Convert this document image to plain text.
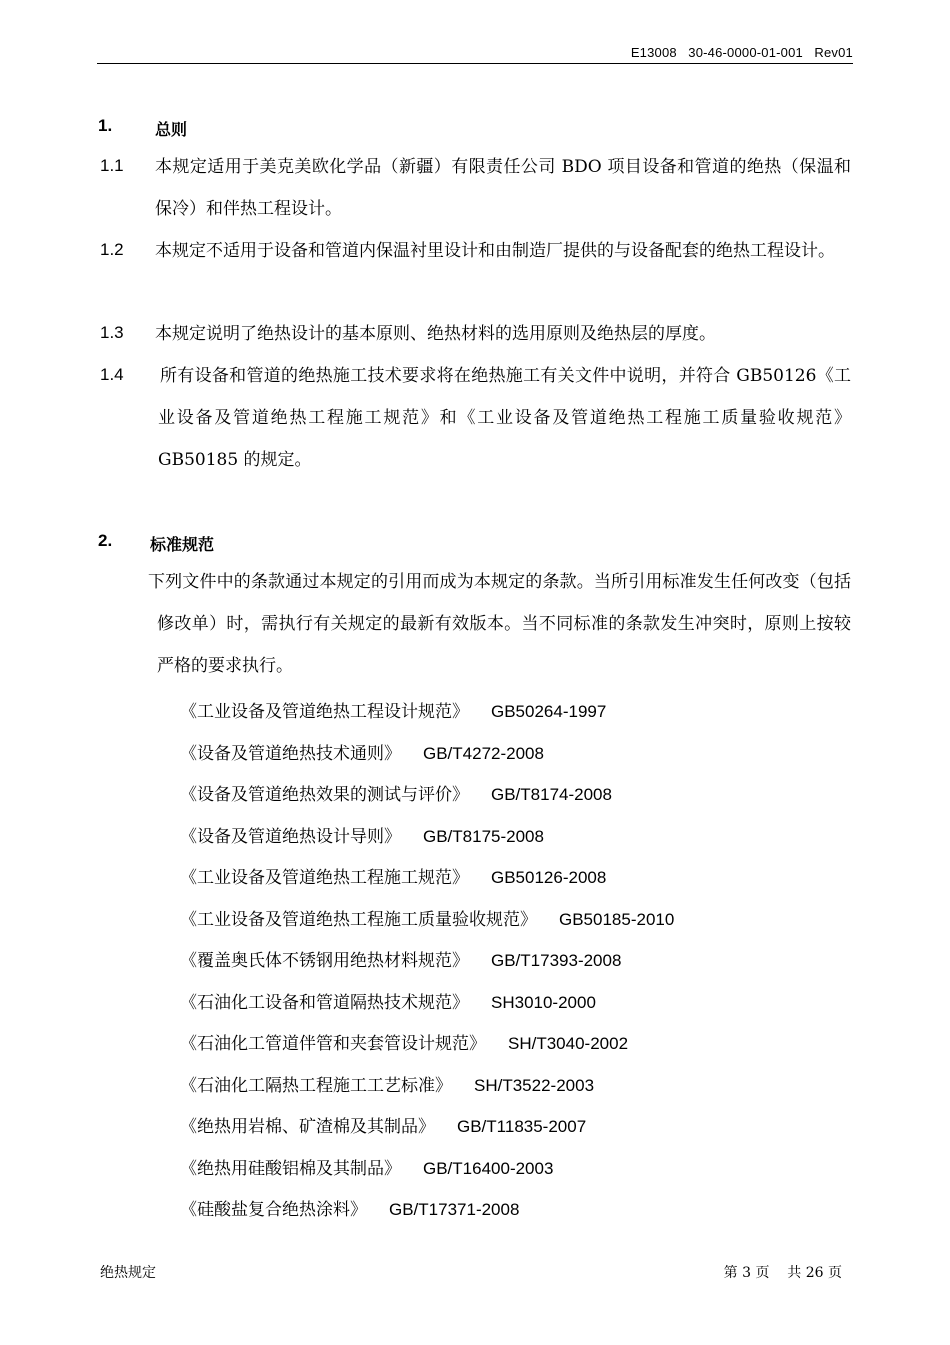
E13008   30-46-0000-01-001   Rev01
1.	总则
1.1 本规定适用于美克美欧化学品（新疆）有限责任公司 BDO 项目设备和管道的绝热（保温和保冷）和伴热工程设计。

1.2 本规定不适用于设备和管道内保温衬里设计和由制造厂提供的与设备配套的绝热工程设计。

1.3 本规定说明了绝热设计的基本原则、绝热材料的选用原则及绝热层的厚度。

1.4 所有设备和管道的绝热施工技术要求将在绝热施工有关文件中说明，并符合 GB50126《工业设备及管道绝热工程施工规范》和《工业设备及管道绝热工程施工质量验收规范》GB50185 的规定。

2. 标准规范

下列文件中的条款通过本规定的引用而成为本规定的条款。当所引用标准发生任何改变（包括修改单）时，需执行有关规定的最新有效版本。当不同标准的条款发生冲突时，原则上按较严格的要求执行。

《工业设备及管道绝热工程设计规范》 GB50264-1997
《设备及管道绝热技术通则》 GB/T4272-2008
《设备及管道绝热效果的测试与评价》 GB/T8174-2008
《设备及管道绝热设计导则》 GB/T8175-2008
《工业设备及管道绝热工程施工规范》 GB50126-2008
《工业设备及管道绝热工程施工质量验收规范》 GB50185-2010
《覆盖奥氏体不锈钢用绝热材料规范》 GB/T17393-2008
《石油化工设备和管道隔热技术规范》 SH3010-2000
《石油化工管道伴管和夹套管设计规范》 SH/T3040-2002
《石油化工隔热工程施工工艺标准》 SH/T3522-2003
《绝热用岩棉、矿渣棉及其制品》 GB/T11835-2007
《绝热用硅酸铝棉及其制品》 GB/T16400-2003
《硅酸盐复合绝热涂料》 GB/T17371-2008
绝热规定	第 3 页    共 26 页
